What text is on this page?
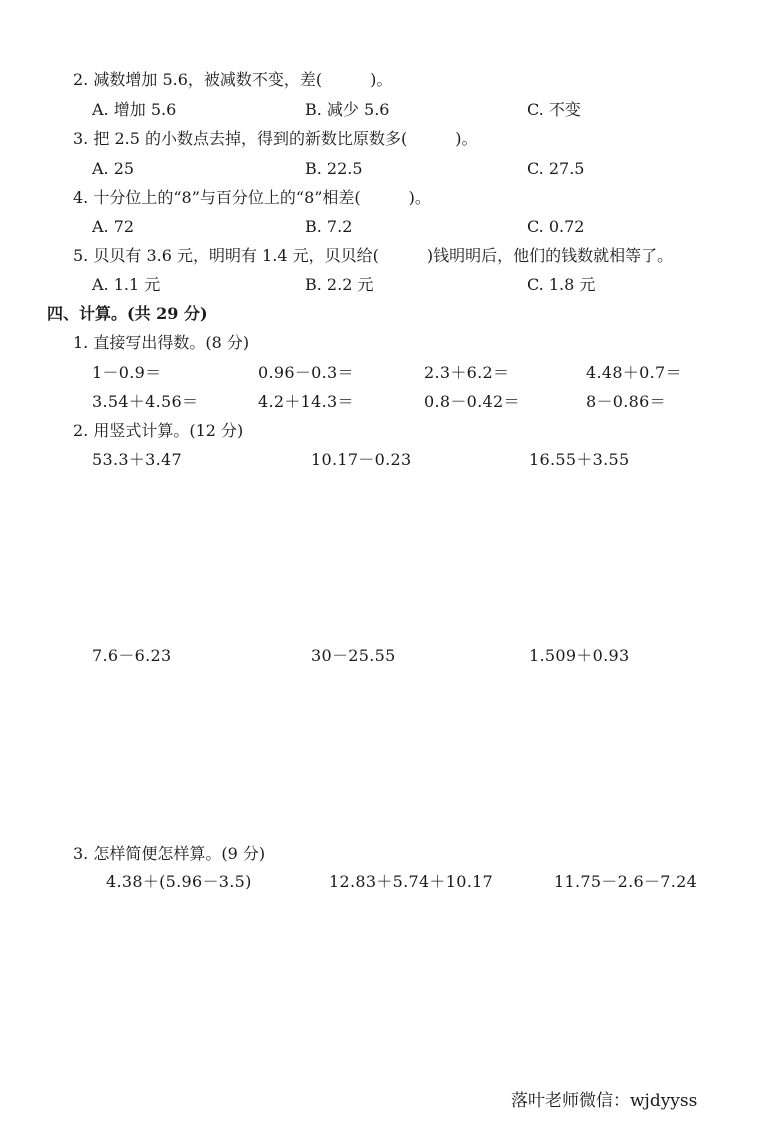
2. 减数增加 5.6，被减数不变，差(　　　)。
A. 增加 5.6	B. 减少 5.6	C. 不变
3. 把 2.5 的小数点去掉，得到的新数比原数多(　　　)。
A. 25	B. 22.5	C. 27.5
4. 十分位上的“8”与百分位上的“8”相差(　　　)。
A. 72	B. 7.2	C. 0.72
5. 贝贝有 3.6 元，明明有 1.4 元，贝贝给(　　　)钱明明后，他们的钱数就相等了。
A. 1.1 元	B. 2.2 元	C. 1.8 元
四、计算。(共 29 分)
1. 直接写出得数。(8 分)
1－0.9＝	0.96－0.3＝	2.3＋6.2＝	4.48＋0.7＝
3.54＋4.56＝	4.2＋14.3＝	0.8－0.42＝	8－0.86＝
2. 用竖式计算。(12 分)
53.3＋3.47	10.17－0.23	16.55＋3.55
7.6－6.23	30－25.55	1.509＋0.93
3. 怎样简便怎样算。(9 分)
4.38＋(5.96－3.5)	12.83＋5.74＋10.17	11.75－2.6－7.24
落叶老师微信：wjdyyss
